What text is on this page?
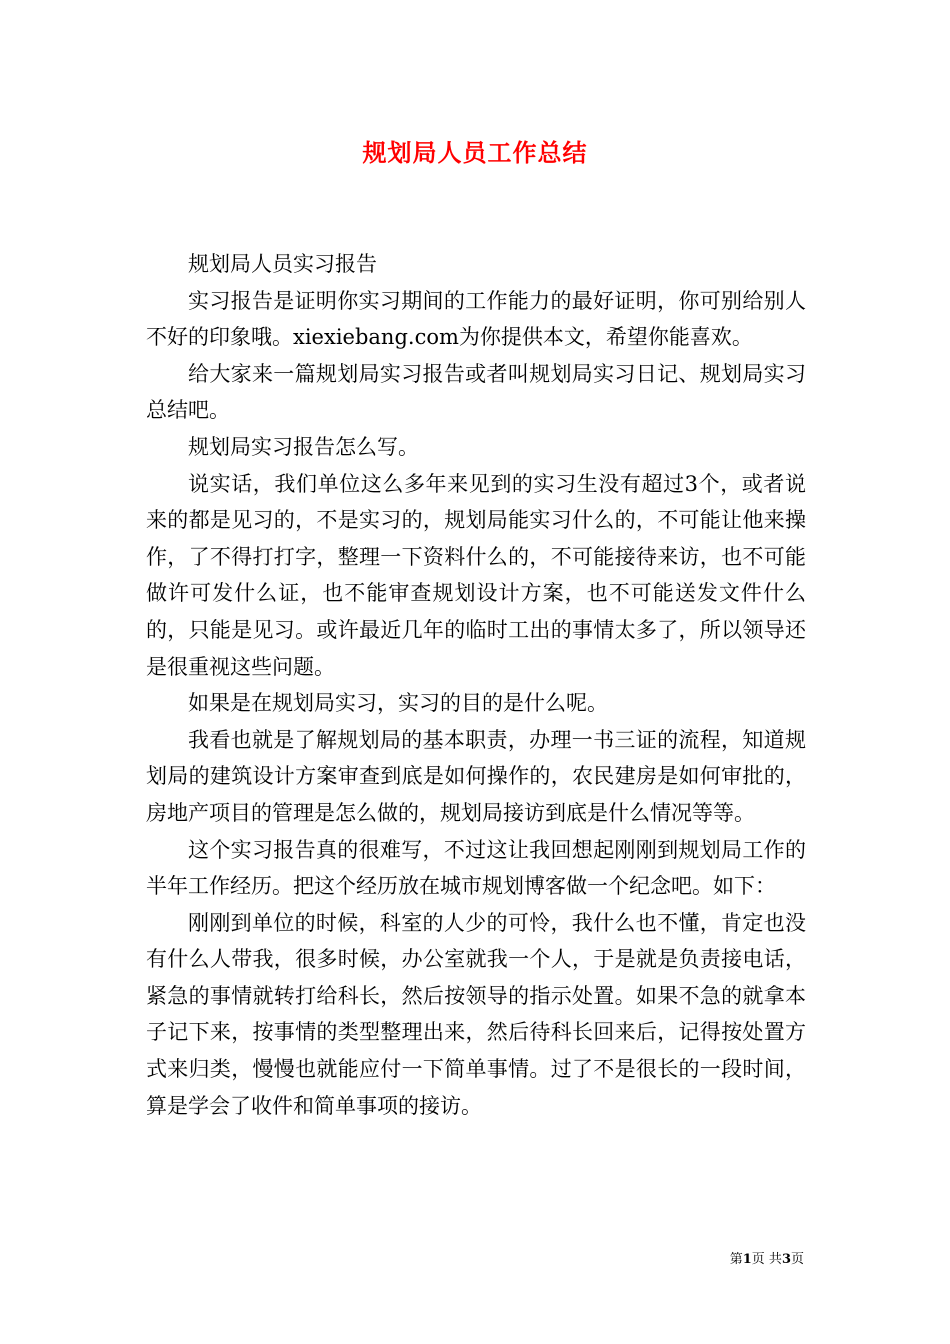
规划局人员工作总结

规划局人员实习报告

实习报告是证明你实习期间的工作能力的最好证明，你可别给别人不好的印象哦。xiexiebang.com为你提供本文，希望你能喜欢。

给大家来一篇规划局实习报告或者叫规划局实习日记、规划局实习总结吧。

规划局实习报告怎么写。

说实话，我们单位这么多年来见到的实习生没有超过3个，或者说来的都是见习的，不是实习的，规划局能实习什么的，不可能让他来操作，了不得打打字，整理一下资料什么的，不可能接待来访，也不可能做许可发什么证，也不能审查规划设计方案，也不可能送发文件什么的，只能是见习。或许最近几年的临时工出的事情太多了，所以领导还是很重视这些问题。

如果是在规划局实习，实习的目的是什么呢。

我看也就是了解规划局的基本职责，办理一书三证的流程，知道规划局的建筑设计方案审查到底是如何操作的，农民建房是如何审批的，房地产项目的管理是怎么做的，规划局接访到底是什么情况等等。

这个实习报告真的很难写，不过这让我回想起刚刚到规划局工作的半年工作经历。把这个经历放在城市规划博客做一个纪念吧。如下：

刚刚到单位的时候，科室的人少的可怜，我什么也不懂，肯定也没有什么人带我，很多时候，办公室就我一个人，于是就是负责接电话，紧急的事情就转打给科长，然后按领导的指示处置。如果不急的就拿本子记下来，按事情的类型整理出来，然后待科长回来后，记得按处置方式来归类，慢慢也就能应付一下简单事情。过了不是很长的一段时间，算是学会了收件和简单事项的接访。

第1页 共3页
